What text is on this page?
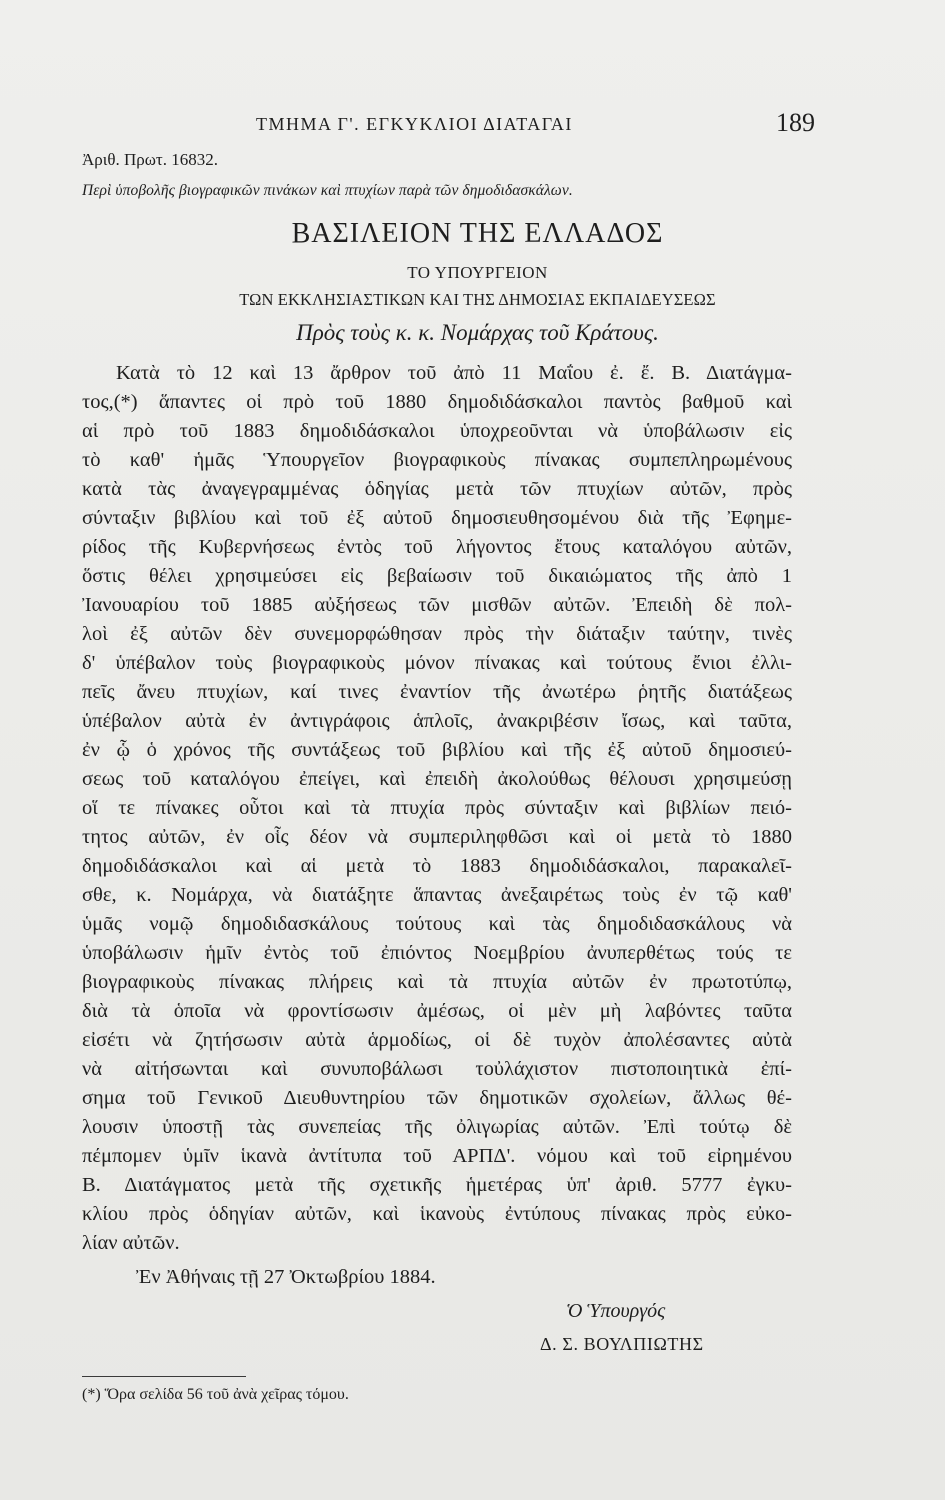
ΤΜΗΜΑ Γ'. ΕΓΚΥΚΛΙΟΙ ΔΙΑΤΑΓΑΙ	189
Ἀριθ. Πρωτ. 16832.
Περὶ ὑποβολῆς βιογραφικῶν πινάκων καὶ πτυχίων παρὰ τῶν δημοδιδασκάλων.
ΒΑΣΙΛΕΙΟΝ ΤΗΣ ΕΛΛΑΔΟΣ
ΤΟ ΥΠΟΥΡΓΕΙΟΝ
ΤΩΝ ΕΚΚΛΗΣΙΑΣΤΙΚΩΝ ΚΑΙ ΤΗΣ ΔΗΜΟΣΙΑΣ ΕΚΠΑΙΔΕΥΣΕΩΣ
Πρὸς τοὺς κ. κ. Νομάρχας τοῦ Κράτους.
Κατὰ τὸ 12 καὶ 13 ἄρθρον τοῦ ἀπὸ 11 Μαΐου ἐ. ἔ. Β. Διατάγμα-
τος,(*) ἅπαντες οἱ πρὸ τοῦ 1880 δημοδιδάσκαλοι παντὸς βαθμοῦ καὶ
αἱ πρὸ τοῦ 1883 δημοδιδάσκαλοι ὑποχρεοῦνται νὰ ὑποβάλωσιν εἰς
τὸ καθ' ἡμᾶς Ὑπουργεῖον βιογραφικοὺς πίνακας συμπεπληρωμένους
κατὰ τὰς ἀναγεγραμμένας ὁδηγίας μετὰ τῶν πτυχίων αὐτῶν, πρὸς
σύνταξιν βιβλίου καὶ τοῦ ἐξ αὐτοῦ δημοσιευθησομένου διὰ τῆς Ἐφημε-
ρίδος τῆς Κυβερνήσεως ἐντὸς τοῦ λήγοντος ἔτους καταλόγου αὐτῶν,
ὅστις θέλει χρησιμεύσει εἰς βεβαίωσιν τοῦ δικαιώματος τῆς ἀπὸ 1
Ἰανουαρίου τοῦ 1885 αὐξήσεως τῶν μισθῶν αὐτῶν. Ἐπειδὴ δὲ πολ-
λοὶ ἐξ αὐτῶν δὲν συνεμορφώθησαν πρὸς τὴν διάταξιν ταύτην, τινὲς
δ' ὑπέβαλον τοὺς βιογραφικοὺς μόνον πίνακας καὶ τούτους ἔνιοι ἐλλι-
πεῖς ἄνευ πτυχίων, καί τινες ἐναντίον τῆς ἀνωτέρω ῥητῆς διατάξεως
ὑπέβαλον αὐτὰ ἐν ἀντιγράφοις ἁπλοῖς, ἀνακριβέσιν ἴσως, καὶ ταῦτα,
ἐν ᾧ ὁ χρόνος τῆς συντάξεως τοῦ βιβλίου καὶ τῆς ἐξ αὐτοῦ δημοσιεύ-
σεως τοῦ καταλόγου ἐπείγει, καὶ ἐπειδὴ ἀκολούθως θέλουσι χρησιμεύσῃ
οἵ τε πίνακες οὗτοι καὶ τὰ πτυχία πρὸς σύνταξιν καὶ βιβλίων πειό-
τητος αὐτῶν, ἐν οἷς δέον νὰ συμπεριληφθῶσι καὶ οἱ μετὰ τὸ 1880
δημοδιδάσκαλοι καὶ αἱ μετὰ τὸ 1883 δημοδιδάσκαλοι, παρακαλεῖ-
σθε, κ. Νομάρχα, νὰ διατάξητε ἅπαντας ἀνεξαιρέτως τοὺς ἐν τῷ καθ'
ὑμᾶς νομῷ δημοδιδασκάλους τούτους καὶ τὰς δημοδιδασκάλους νὰ
ὑποβάλωσιν ἡμῖν ἐντὸς τοῦ ἐπιόντος Νοεμβρίου ἀνυπερθέτως τούς τε
βιογραφικοὺς πίνακας πλήρεις καὶ τὰ πτυχία αὐτῶν ἐν πρωτοτύπῳ,
διὰ τὰ ὁποῖα νὰ φροντίσωσιν ἀμέσως, οἱ μὲν μὴ λαβόντες ταῦτα
εἰσέτι νὰ ζητήσωσιν αὐτὰ ἁρμοδίως, οἱ δὲ τυχὸν ἀπολέσαντες αὐτὰ
νὰ αἰτήσωνται καὶ συνυποβάλωσι τοὐλάχιστον πιστοποιητικὰ ἐπί-
σημα τοῦ Γενικοῦ Διευθυντηρίου τῶν δημοτικῶν σχολείων, ἄλλως θέ-
λουσιν ὑποστῇ τὰς συνεπείας τῆς ὀλιγωρίας αὐτῶν. Ἐπὶ τούτῳ δὲ
πέμπομεν ὑμῖν ἱκανὰ ἀντίτυπα τοῦ ΑΡΠΔ'. νόμου καὶ τοῦ εἰρημένου
Β. Διατάγματος μετὰ τῆς σχετικῆς ἡμετέρας ὑπ' ἀριθ. 5777 ἐγκυ-
κλίου πρὸς ὁδηγίαν αὐτῶν, καὶ ἱκανοὺς ἐντύπους πίνακας πρὸς εὐκο-
λίαν αὐτῶν.
Ἐν Ἀθήναις τῇ 27 Ὀκτωβρίου 1884.
Ὁ Ὑπουργός
Δ. Σ. ΒΟΥΛΠΙΩΤΗΣ
(*) Ὅρα σελίδα 56 τοῦ ἀνὰ χεῖρας τόμου.
